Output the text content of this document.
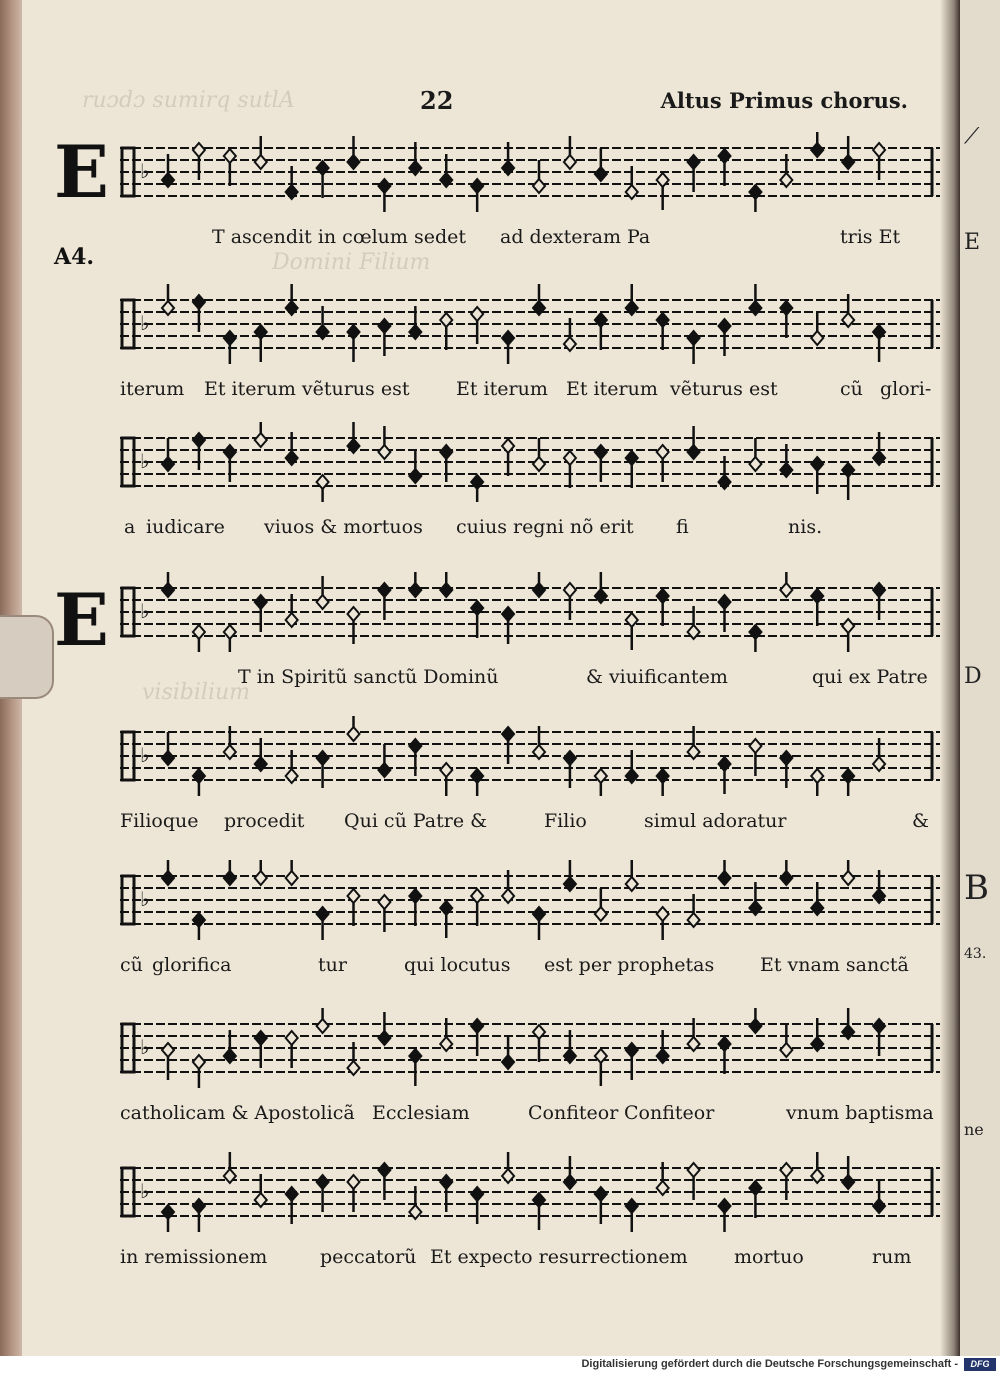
ruɔdɔ sumirq sutlA
Domini Filium
visibilium
22	Altus Primus chorus.
E
A4.
E
♭
T ascendit in cœlum sedet ad dexteram Pa	tris Et
♭
iterum Et iterum vẽturus est Et iterum Et iterum vẽturus est	cũ glori-
♭
a iudicare viuos & mortuos cuius regni nõ erit fi	nis.
♭
T in Spiritũ sanctũ Dominũ	& viuificantem	qui ex Patre
♭
Filioque procedit Qui cũ Patre &	Filio	simul adoratur	&
♭
cũ glorifica	tur	qui locutus est per prophetas Et vnam sanctã
♭
catholicam & Apostolicã Ecclesiam	Confiteor Confiteor	vnum baptisma
♭
in remissionem	peccatorũ Et expecto resurrectionem mortuo	rum
⟋
E
D
B
43.
ne
Digitalisierung gefördert durch die Deutsche Forschungsgemeinschaft -	DFG
